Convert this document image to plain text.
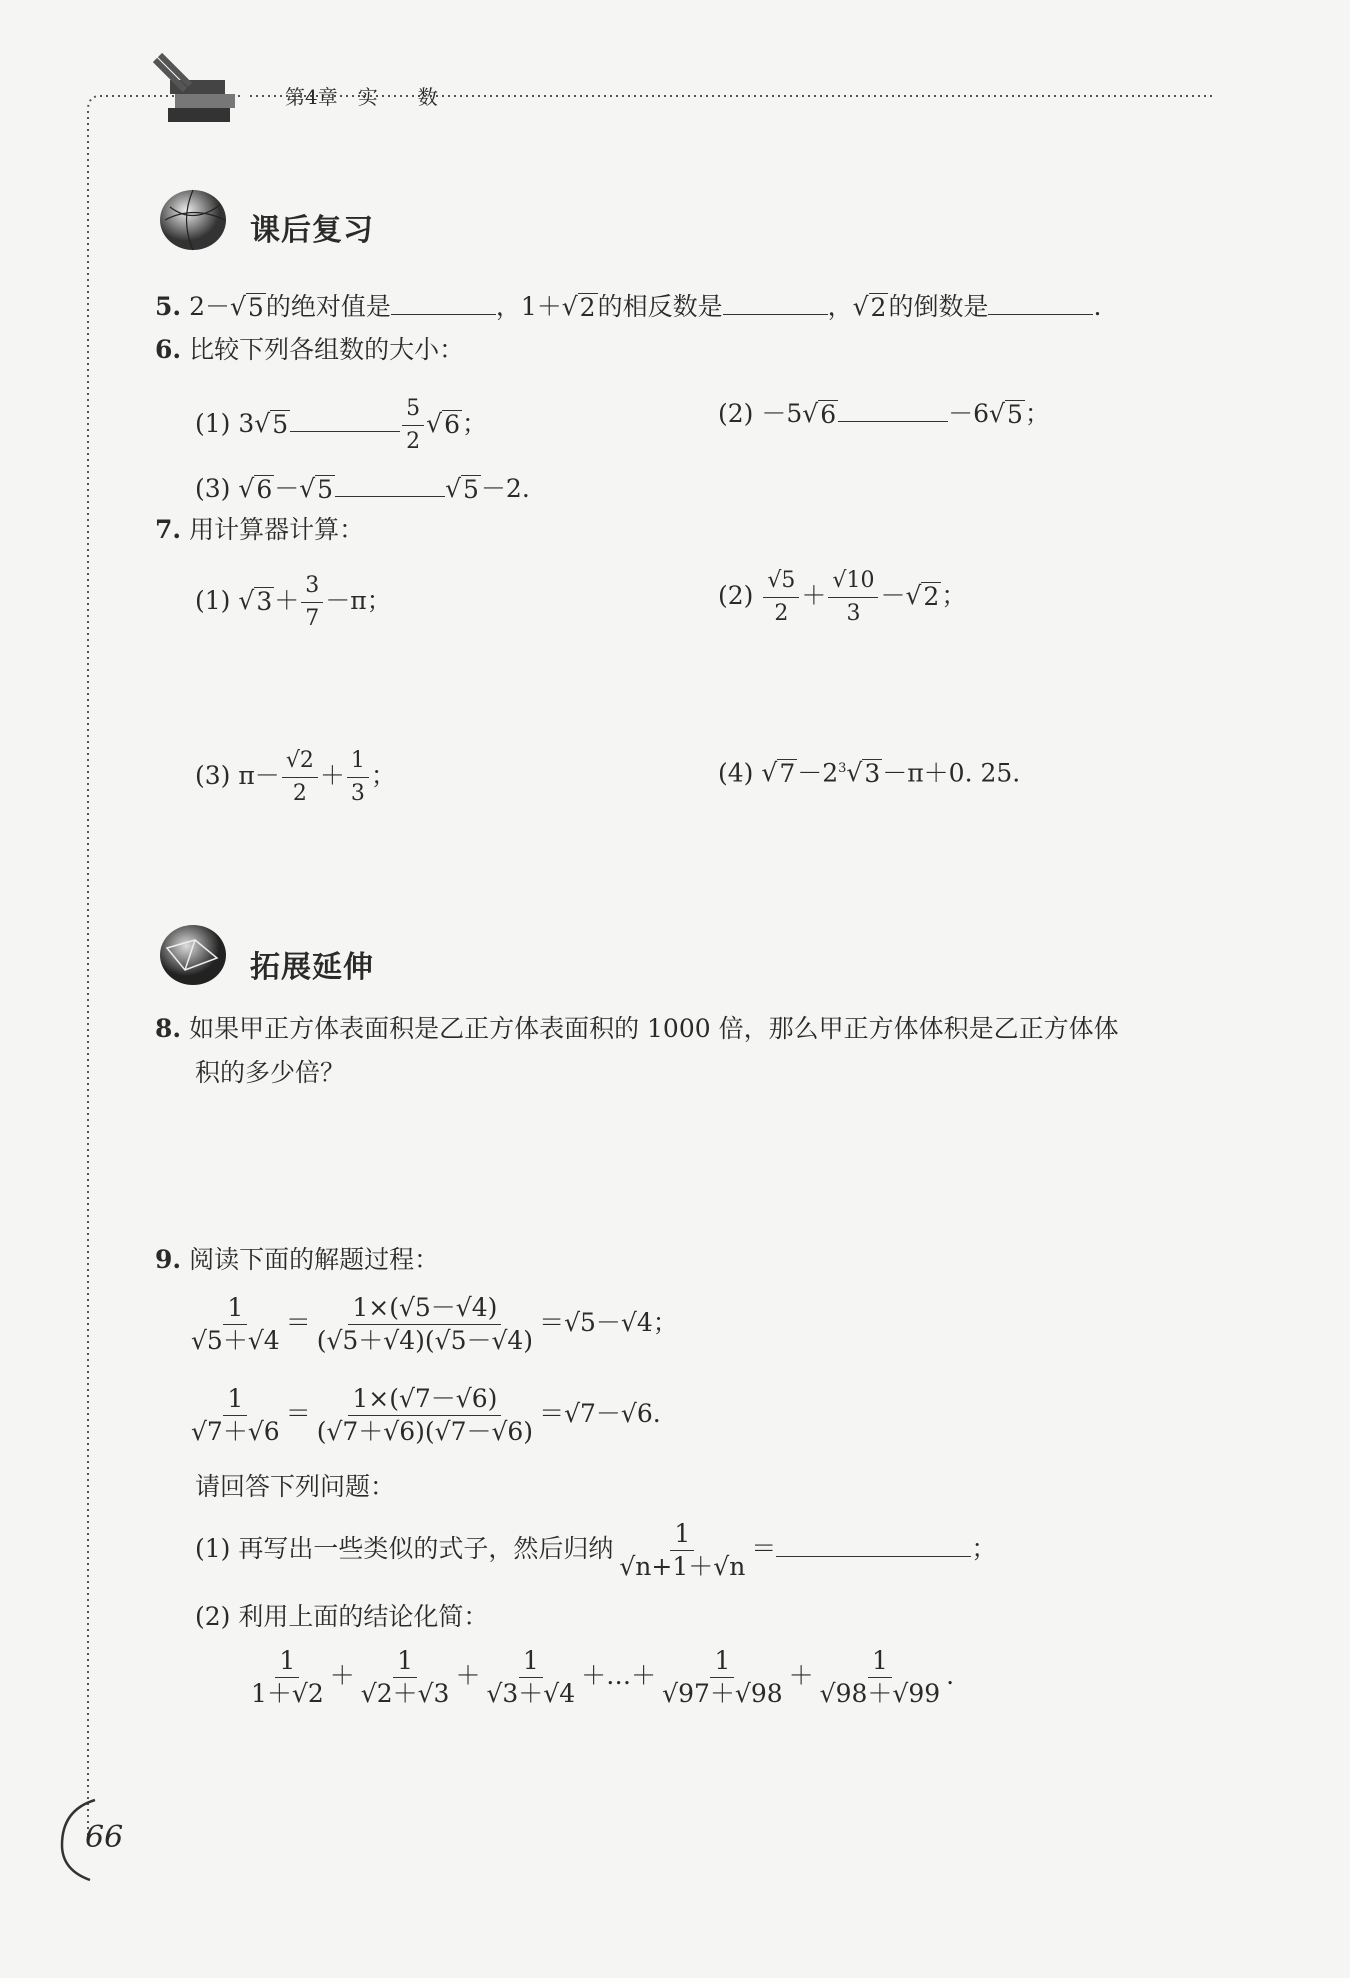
第4章　实　　数
课后复习
5. 2－ √ 5 的绝对值是	，1＋ √ 2 的相反数是	， √ 2 的倒数是	.
6. 比较下列各组数的大小：
(1) 3 √ 5	$\frac{5}{2}$ √ 6 ；	(2) －5 √ 6	－6 √ 5 ；
(3) √ 6 － √ 5	√ 5 －2.
7. 用计算器计算：
(1) √ $3 + \frac{3}{7} -\pi$；	$(2) \frac{√5}{2} + \frac{√10}{3}$ － √ 2 ；
(3) $\pi- \frac{√2}{2} + \frac{1}{3}$ ；	(4) √ $7 -2^3$ √ 3 －π＋0. 25.
拓展延伸
8. 如果甲正方体表面积是乙正方体表面积的 1000 倍，那么甲正方体体积是乙正方体体
积的多少倍？
9. 阅读下面的解题过程：
$\frac{1}{√5+√4} = \frac{1\times(√5-√4)}{(√5+√4)(√5-√4)} =√5-√4$；
$\frac{1}{√7+√6} = \frac{1\times(√7-√6)}{(√7+√6)(√7-√6)} =√7-√6$.
请回答下列问题：
(1) 再写出一些类似的式子，然后归纳 $\frac{1}{√n+1+√n}$ ＝	；
(2) 利用上面的结论化简：
$\frac{1}{1+√2} + \frac{1}{√2+√3} + \frac{1}{√3+√4}$ ＋…＋ $\frac{1}{√97+√98} + \frac{1}{√98+√99}$ .
66
